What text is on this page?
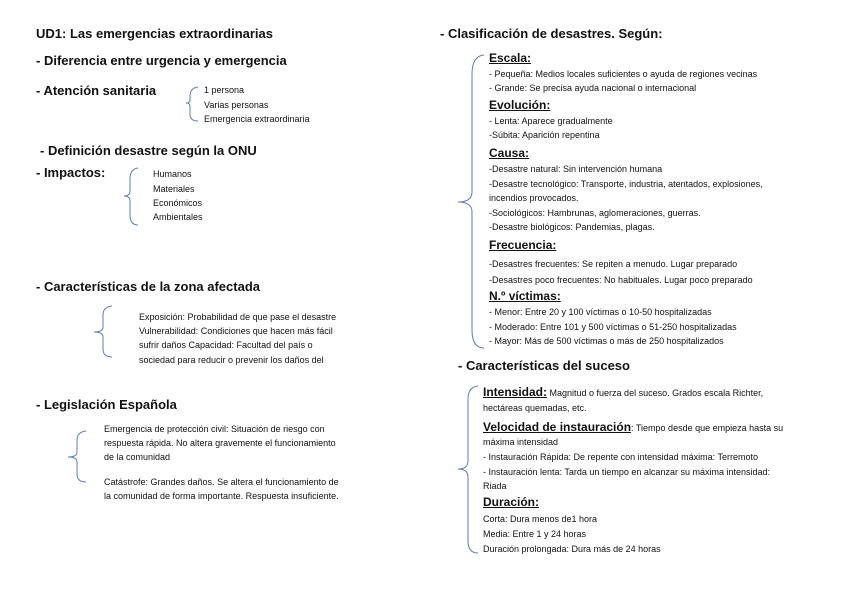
UD1: Las emergencias extraordinarias
- Diferencia entre urgencia y emergencia
- Atención sanitaria	1 persona
Varias personas
Emergencia extraordinaria
- Definición desastre según la ONU
- Impactos:	Humanos
Materiales
Económicos
Ambientales
- Características de la zona afectada
Exposición: Probabilidad de que pase el desastre
Vulnerabilidad: Condiciones que hacen más fácil
sufrir daños Capacidad: Facultad del país o
sociedad para reducir o prevenir los daños del
- Legislación Española
Emergencia de protección civil: Situación de riesgo con
respuesta rápida. No altera gravemente el funcionamiento
de la comunidad
Catástrofe: Grandes daños. Se altera el funcionamiento de
la comunidad de forma importante. Respuesta insuficiente.
- Clasificación de desastres. Según:
Escala:
- Pequeña: Medios locales suficientes o ayuda de regiones vecinas
- Grande: Se precisa ayuda nacional o internacional
Evolución:
- Lenta: Aparece gradualmente
-Súbita: Aparición repentina
Causa:
-Desastre natural: Sin intervención humana
-Desastre tecnológico: Transporte, industria, atentados, explosiones,
incendios provocados.
-Sociológicos: Hambrunas, aglomeraciones, guerras.
-Desastre biológicos: Pandemias, plagas.
Frecuencia:
-Desastres frecuentes: Se repiten a menudo. Lugar preparado
-Desastres poco frecuentes: No habituales. Lugar poco preparado
N.º víctimas:
- Menor: Entre 20 y 100 víctimas o 10-50 hospitalizadas
- Moderado: Entre 101 y 500 víctimas o 51-250 hospitalizadas
- Mayor: Más de 500 víctimas o más de 250 hospitalizados
- Características del suceso
Intensidad: Magnitud o fuerza del suceso. Grados escala Richter,
hectáreas quemadas, etc.
Velocidad de instauración: Tiempo desde que empieza hasta su
máxima intensidad
- Instauración Rápida: De repente con intensidad máxima: Terremoto
- Instauración lenta: Tarda un tiempo en alcanzar su máxima intensidad:
Riada
Duración:
Corta: Dura menos de1 hora
Media: Entre 1 y 24 horas
Duración prolongada: Dura más de 24 horas
